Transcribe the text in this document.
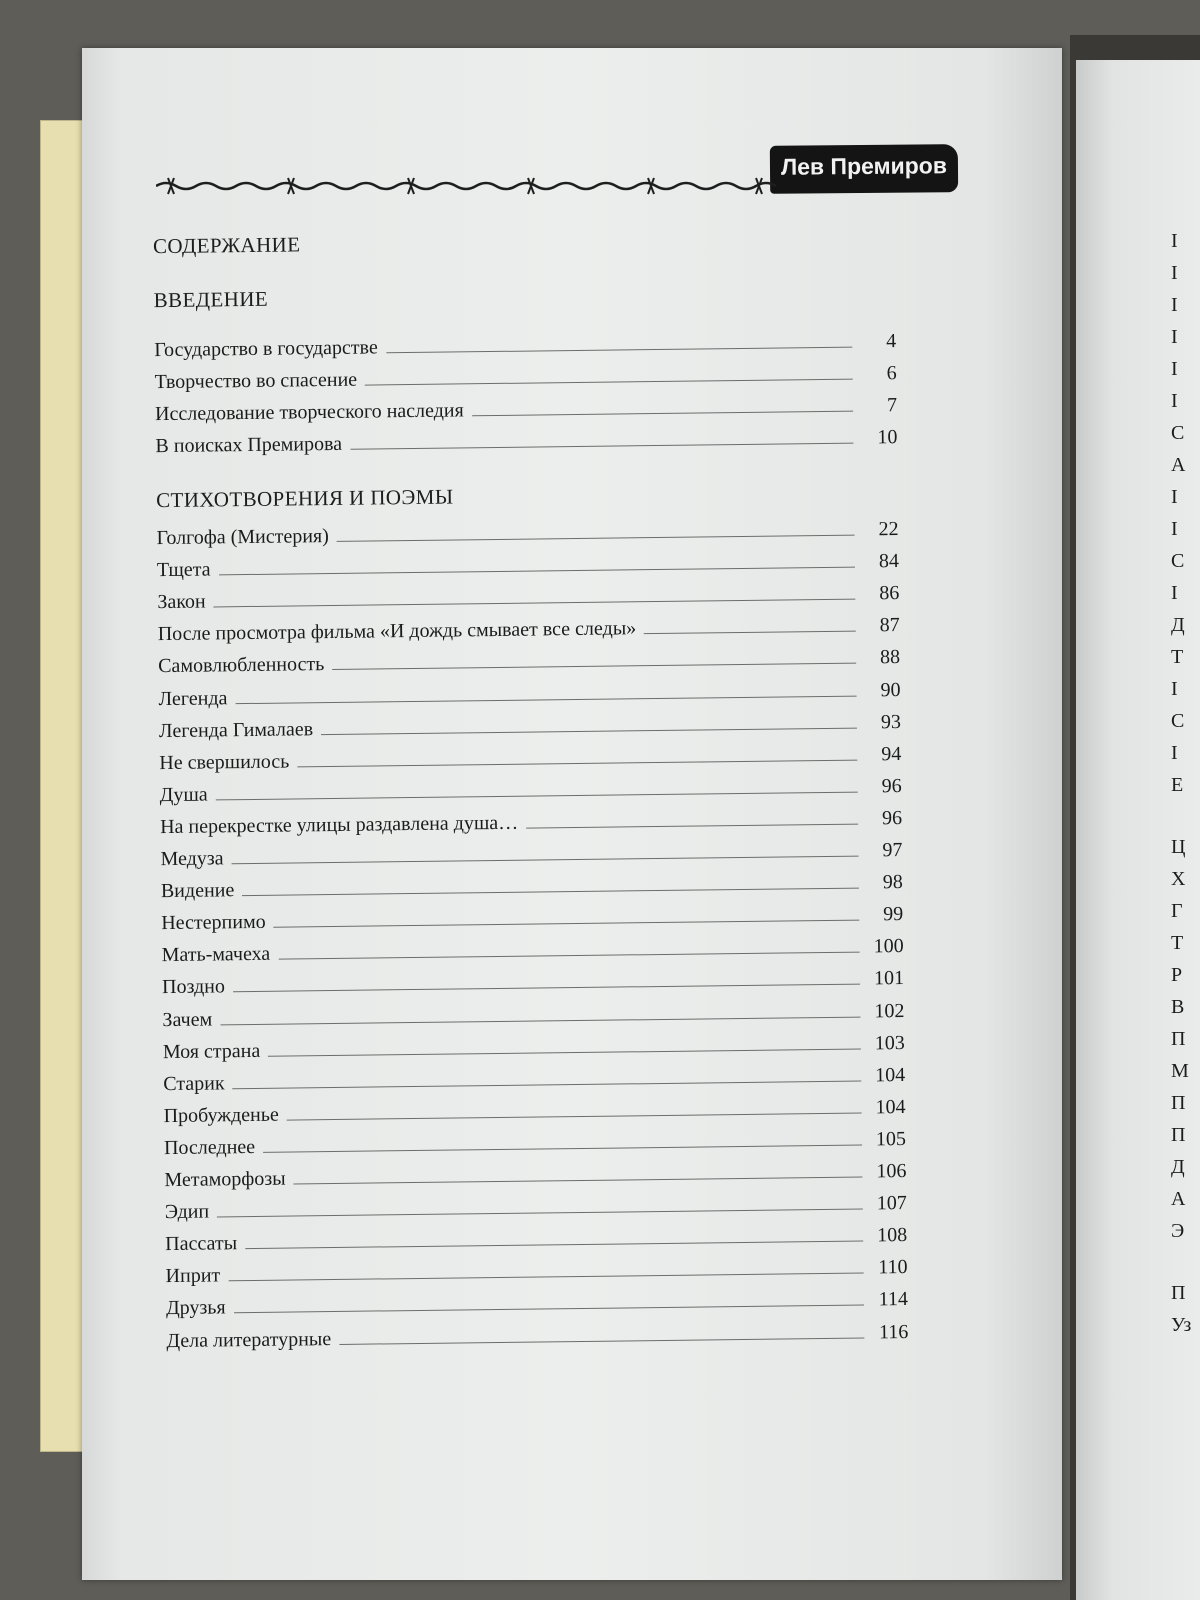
I
I
I
I
I
I
С
А
I
I
С
I
Д
Т
I
С
I
Е
Ц
Х
Г
Т
Р
В
П
М
П
П
Д
А
Э
П
Уз
Лев Премиров
СОДЕРЖАНИЕ
ВВЕДЕНИЕ
Государство в государстве	4
Творчество во спасение	6
Исследование творческого наследия	7
В поисках Премирова	10
СТИХОТВОРЕНИЯ И ПОЭМЫ
Голгофа (Мистерия)	22
Тщета	84
Закон	86
После просмотра фильма «И дождь смывает все следы»	87
Самовлюбленность	88
Легенда	90
Легенда Гималаев	93
Не свершилось	94
Душа	96
На перекрестке улицы раздавлена душа…	96
Медуза	97
Видение	98
Нестерпимо	99
Мать-мачеха	100
Поздно	101
Зачем	102
Моя страна	103
Старик	104
Пробужденье	104
Последнее	105
Метаморфозы	106
Эдип	107
Пассаты	108
Иприт	110
Друзья	114
Дела литературные	116
